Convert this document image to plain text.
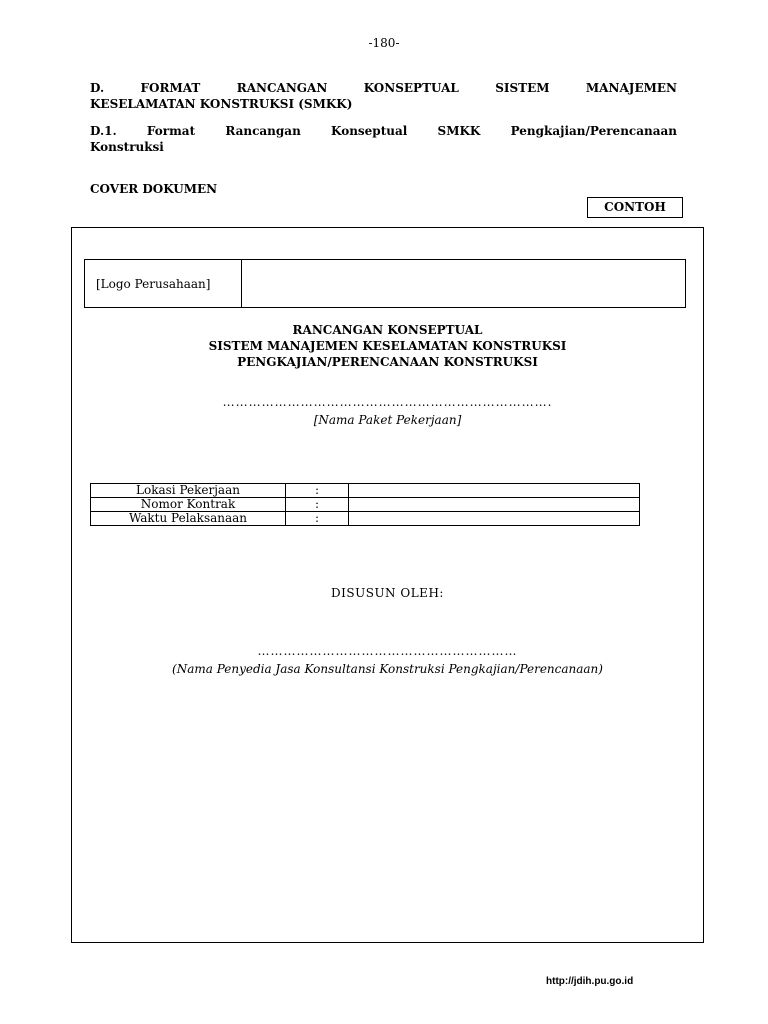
-180-
D. FORMAT RANCANGAN KONSEPTUAL SISTEM MANAJEMEN
KESELAMATAN KONSTRUKSI (SMKK)
D.1. Format Rancangan Konseptual SMKK Pengkajian/Perencanaan
Konstruksi
COVER DOKUMEN
CONTOH
[Logo Perusahaan]
RANCANGAN KONSEPTUAL
SISTEM MANAJEMEN KESELAMATAN KONSTRUKSI
PENGKAJIAN/PERENCANAAN KONSTRUKSI
………………………………………………………………….
[Nama Paket Pekerjaan]
Lokasi Pekerjaan	:	
Nomor Kontrak	:	
Waktu Pelaksanaan	:	
DISUSUN OLEH:
……………………………………………………
(Nama Penyedia Jasa Konsultansi Konstruksi Pengkajian/Perencanaan)
http://jdih.pu.go.id
